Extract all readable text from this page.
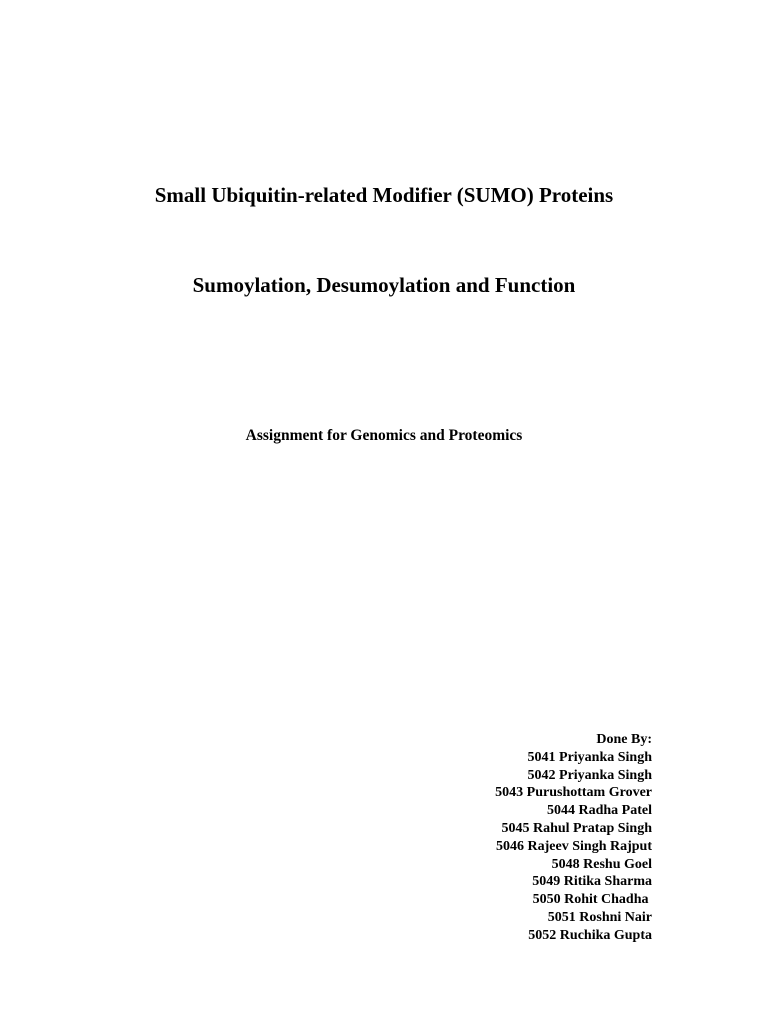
Small Ubiquitin-related Modifier (SUMO) Proteins
Sumoylation, Desumoylation and Function
Assignment for Genomics and Proteomics
Done By:
5041 Priyanka Singh
5042 Priyanka Singh
5043 Purushottam Grover
5044 Radha Patel
5045 Rahul Pratap Singh
5046 Rajeev Singh Rajput
5048 Reshu Goel
5049 Ritika Sharma
5050 Rohit Chadha
5051 Roshni Nair
5052 Ruchika Gupta
